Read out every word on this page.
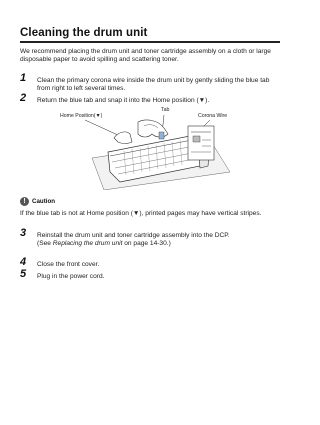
Cleaning the drum unit
We recommend placing the drum unit and toner cartridge assembly on a cloth or large disposable paper to avoid spilling and scattering toner.
1	Clean the primary corona wire inside the drum unit by gently sliding the blue tab from right to left several times.
2	Return the blue tab and snap it into the Home position (▼).
Home Position(▼)
Tab
Corona Wire
!	Caution
If the blue tab is not at Home position (▼), printed pages may have vertical stripes.
3	Reinstall the drum unit and toner cartridge assembly into the DCP.
(See Replacing the drum unit on page 14-30.)
4	Close the front cover.
5	Plug in the power cord.
